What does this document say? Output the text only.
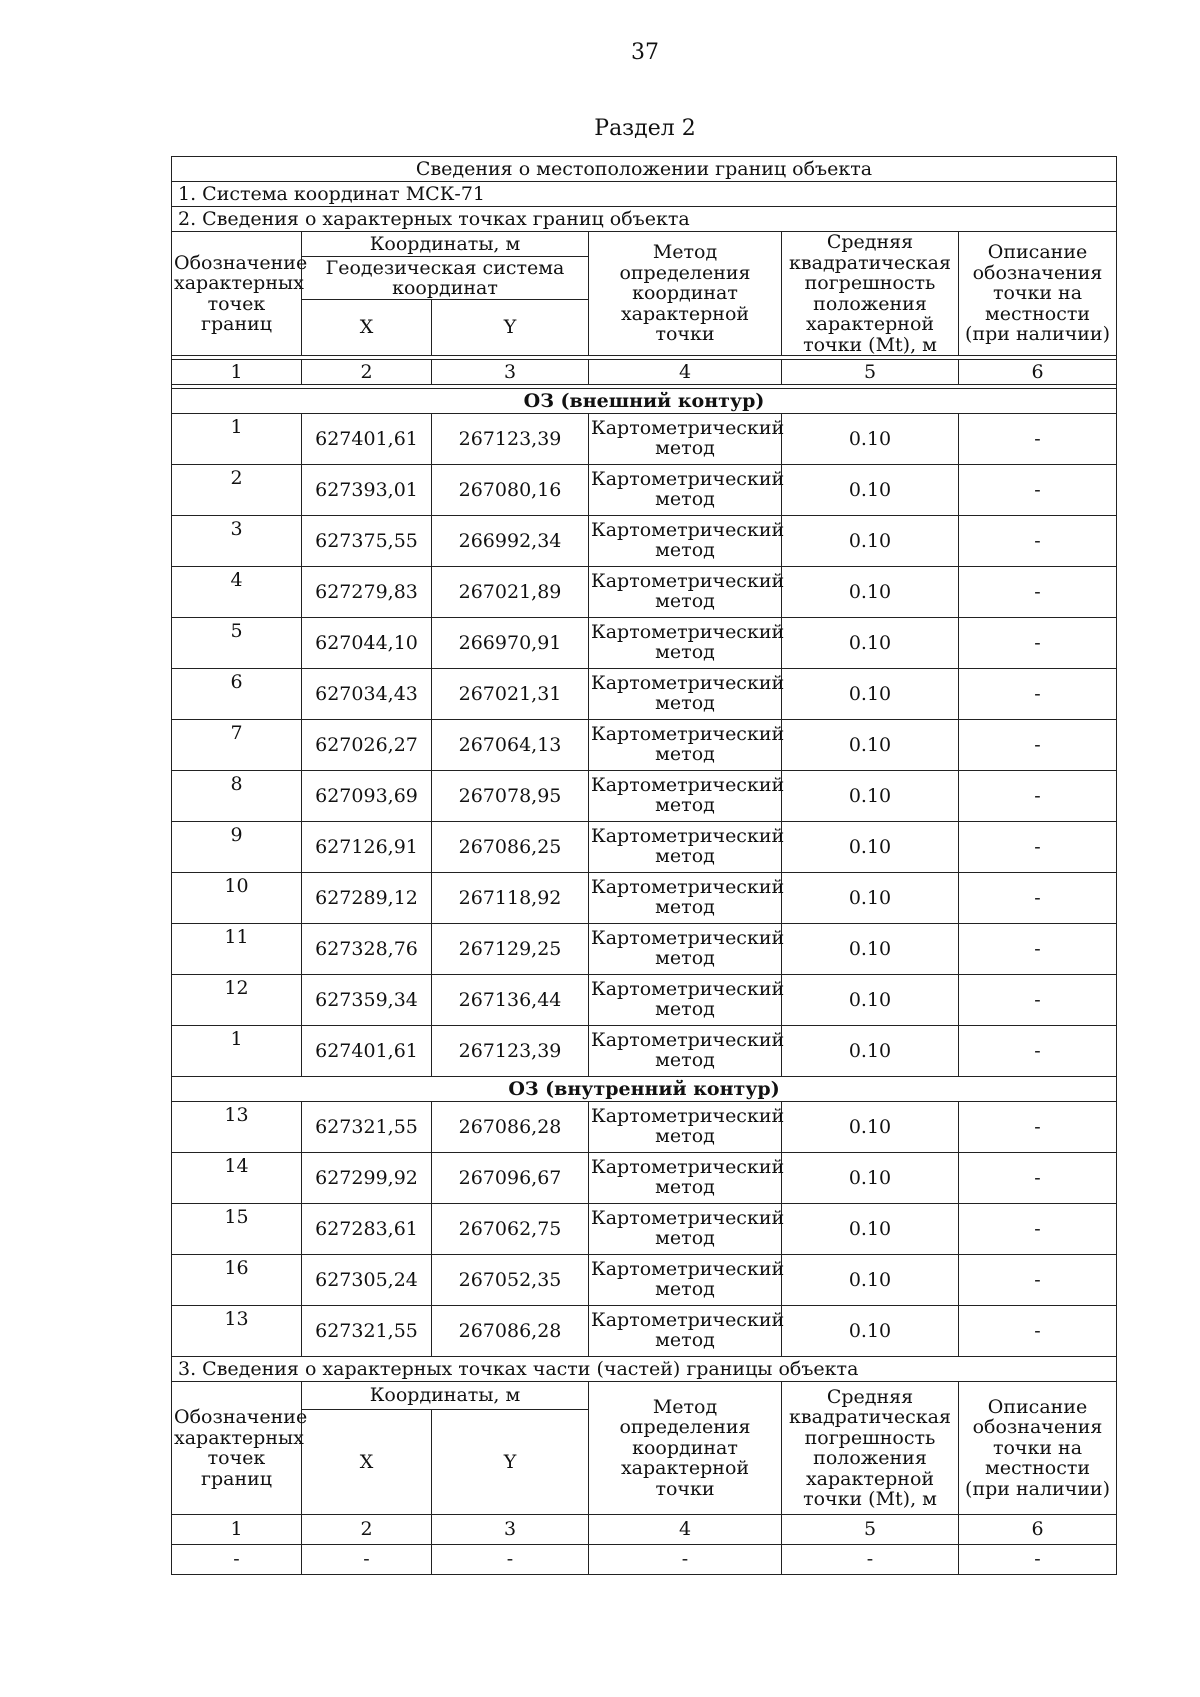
37
Раздел 2
Сведения о местоположении границ объекта					
1. Система координат МСК-71					
2. Сведения о характерных точках границ объекта					
Обозначение характерных точек границ	Координаты, м		Метод определения координат характерной точки	Средняя квадратическая погрешность положения характерной точки (Mt), м	Описание обозначения точки на местности (при наличии)
	Геодезическая система координат				
	X	Y			

1	2	3	4	5	6

ОЗ (внешний контур)					
1	627401,61	267123,39	Картометрический метод	0.10	-
2	627393,01	267080,16	Картометрический метод	0.10	-
3	627375,55	266992,34	Картометрический метод	0.10	-
4	627279,83	267021,89	Картометрический метод	0.10	-
5	627044,10	266970,91	Картометрический метод	0.10	-
6	627034,43	267021,31	Картометрический метод	0.10	-
7	627026,27	267064,13	Картометрический метод	0.10	-
8	627093,69	267078,95	Картометрический метод	0.10	-
9	627126,91	267086,25	Картометрический метод	0.10	-
10	627289,12	267118,92	Картометрический метод	0.10	-
11	627328,76	267129,25	Картометрический метод	0.10	-
12	627359,34	267136,44	Картометрический метод	0.10	-
1	627401,61	267123,39	Картометрический метод	0.10	-
ОЗ (внутренний контур)					
13	627321,55	267086,28	Картометрический метод	0.10	-
14	627299,92	267096,67	Картометрический метод	0.10	-
15	627283,61	267062,75	Картометрический метод	0.10	-
16	627305,24	267052,35	Картометрический метод	0.10	-
13	627321,55	267086,28	Картометрический метод	0.10	-
3. Сведения о характерных точках части (частей) границы объекта					
Обозначение характерных точек границ	Координаты, м		Метод определения координат характерной точки	Средняя квадратическая погрешность положения характерной точки (Mt), м	Описание обозначения точки на местности (при наличии)
	X	Y			
1	2	3	4	5	6
-	-	-	-	-	-
